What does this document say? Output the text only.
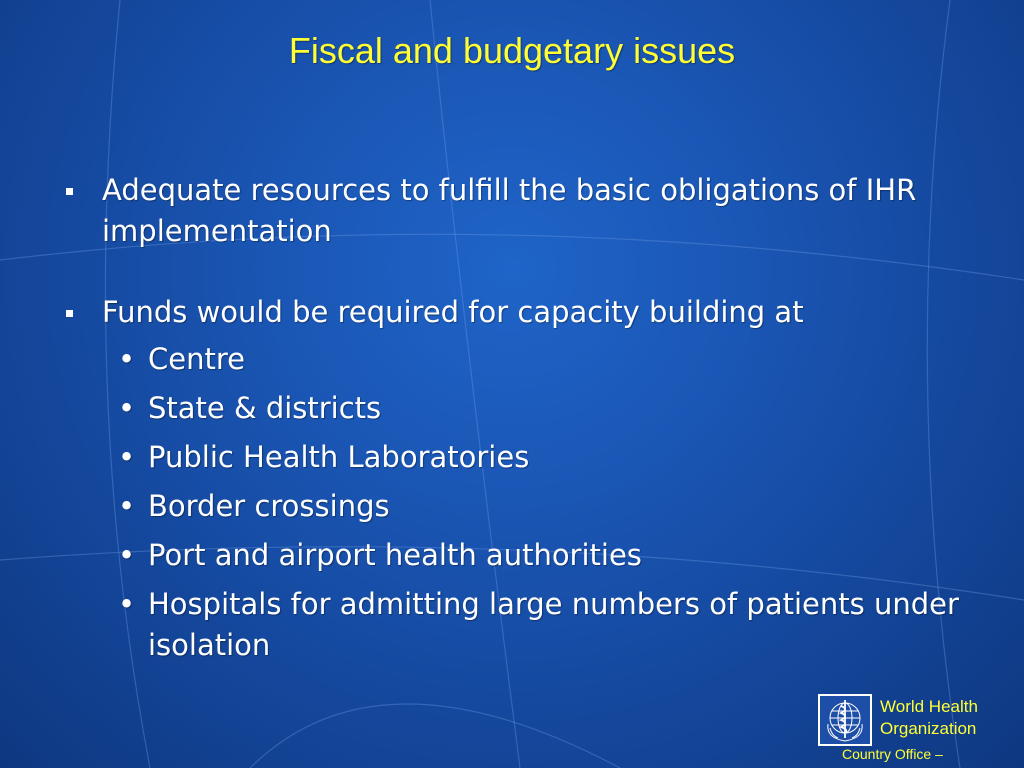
Fiscal and budgetary issues
Adequate resources to fulfill the basic obligations of IHR implementation
Funds would be required for capacity building at
• Centre
• State & districts
• Public Health Laboratories
• Border crossings
• Port and airport health authorities
• Hospitals for admitting large numbers of patients under isolation
World Health
Organization
Country Office –
